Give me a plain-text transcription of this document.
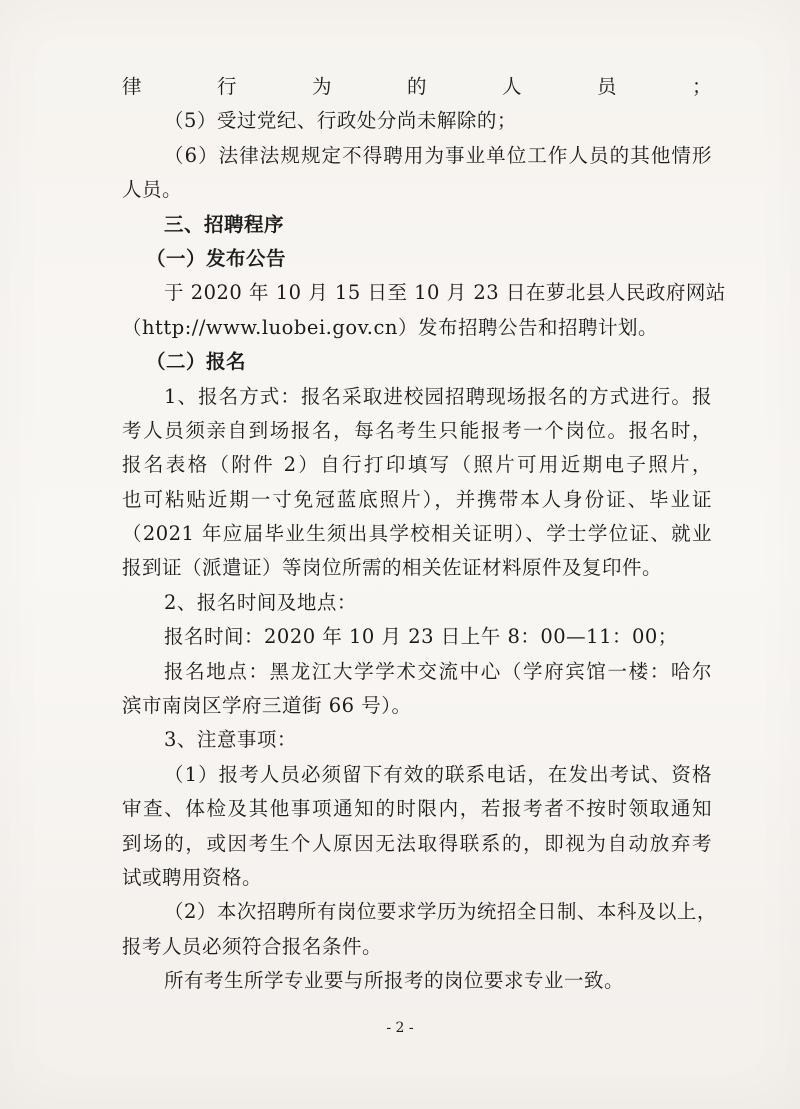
律行为的人员；
（5）受过党纪、行政处分尚未解除的；
（6）法律法规规定不得聘用为事业单位工作人员的其他情形
人员。
三、招聘程序
（一）发布公告
于 2020 年 10 月 15 日至 10 月 23 日在萝北县人民政府网站
（http://www.luobei.gov.cn）发布招聘公告和招聘计划。
（二）报名
1、报名方式：报名采取进校园招聘现场报名的方式进行。报
考人员须亲自到场报名，每名考生只能报考一个岗位。报名时，
报名表格（附件 2）自行打印填写（照片可用近期电子照片，
也可粘贴近期一寸免冠蓝底照片），并携带本人身份证、毕业证
（2021 年应届毕业生须出具学校相关证明）、学士学位证、就业
报到证（派遣证）等岗位所需的相关佐证材料原件及复印件。
2、报名时间及地点：
报名时间：2020 年 10 月 23 日上午 8：00—11：00；
报名地点：黑龙江大学学术交流中心（学府宾馆一楼：哈尔
滨市南岗区学府三道街 66 号）。
3、注意事项：
（1）报考人员必须留下有效的联系电话，在发出考试、资格
审查、体检及其他事项通知的时限内，若报考者不按时领取通知
到场的，或因考生个人原因无法取得联系的，即视为自动放弃考
试或聘用资格。
（2）本次招聘所有岗位要求学历为统招全日制、本科及以上，
报考人员必须符合报名条件。
所有考生所学专业要与所报考的岗位要求专业一致。
- 2 -
